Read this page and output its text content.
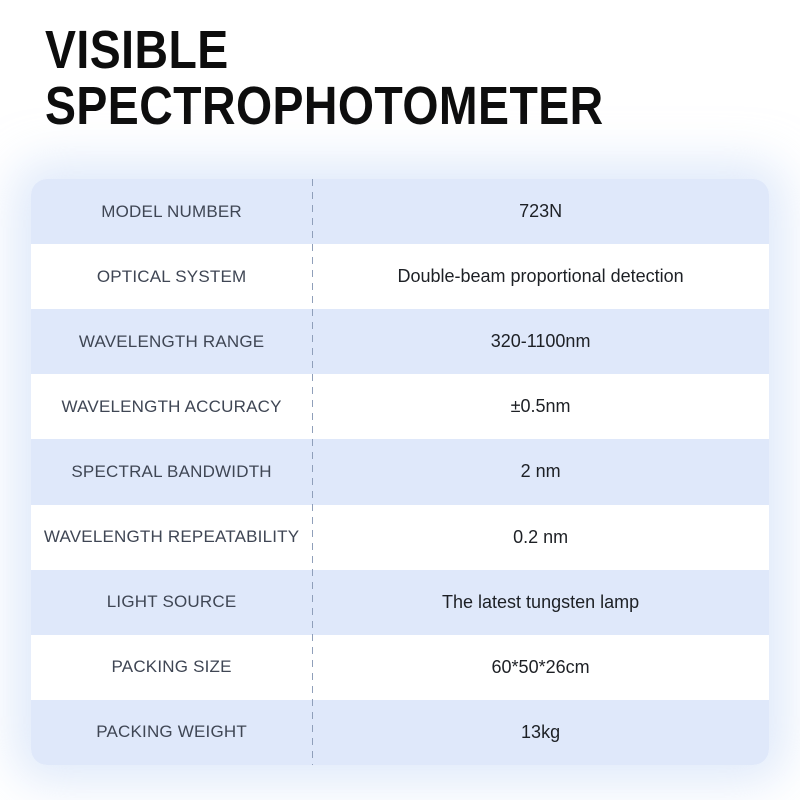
VISIBLE
SPECTROPHOTOMETER
MODEL NUMBER	723N
OPTICAL SYSTEM	Double-beam proportional detection
WAVELENGTH RANGE	320-1100nm
WAVELENGTH ACCURACY	±0.5nm
SPECTRAL BANDWIDTH	2 nm
WAVELENGTH REPEATABILITY	0.2 nm
LIGHT SOURCE	The latest tungsten lamp
PACKING SIZE	60*50*26cm
PACKING WEIGHT	13kg
